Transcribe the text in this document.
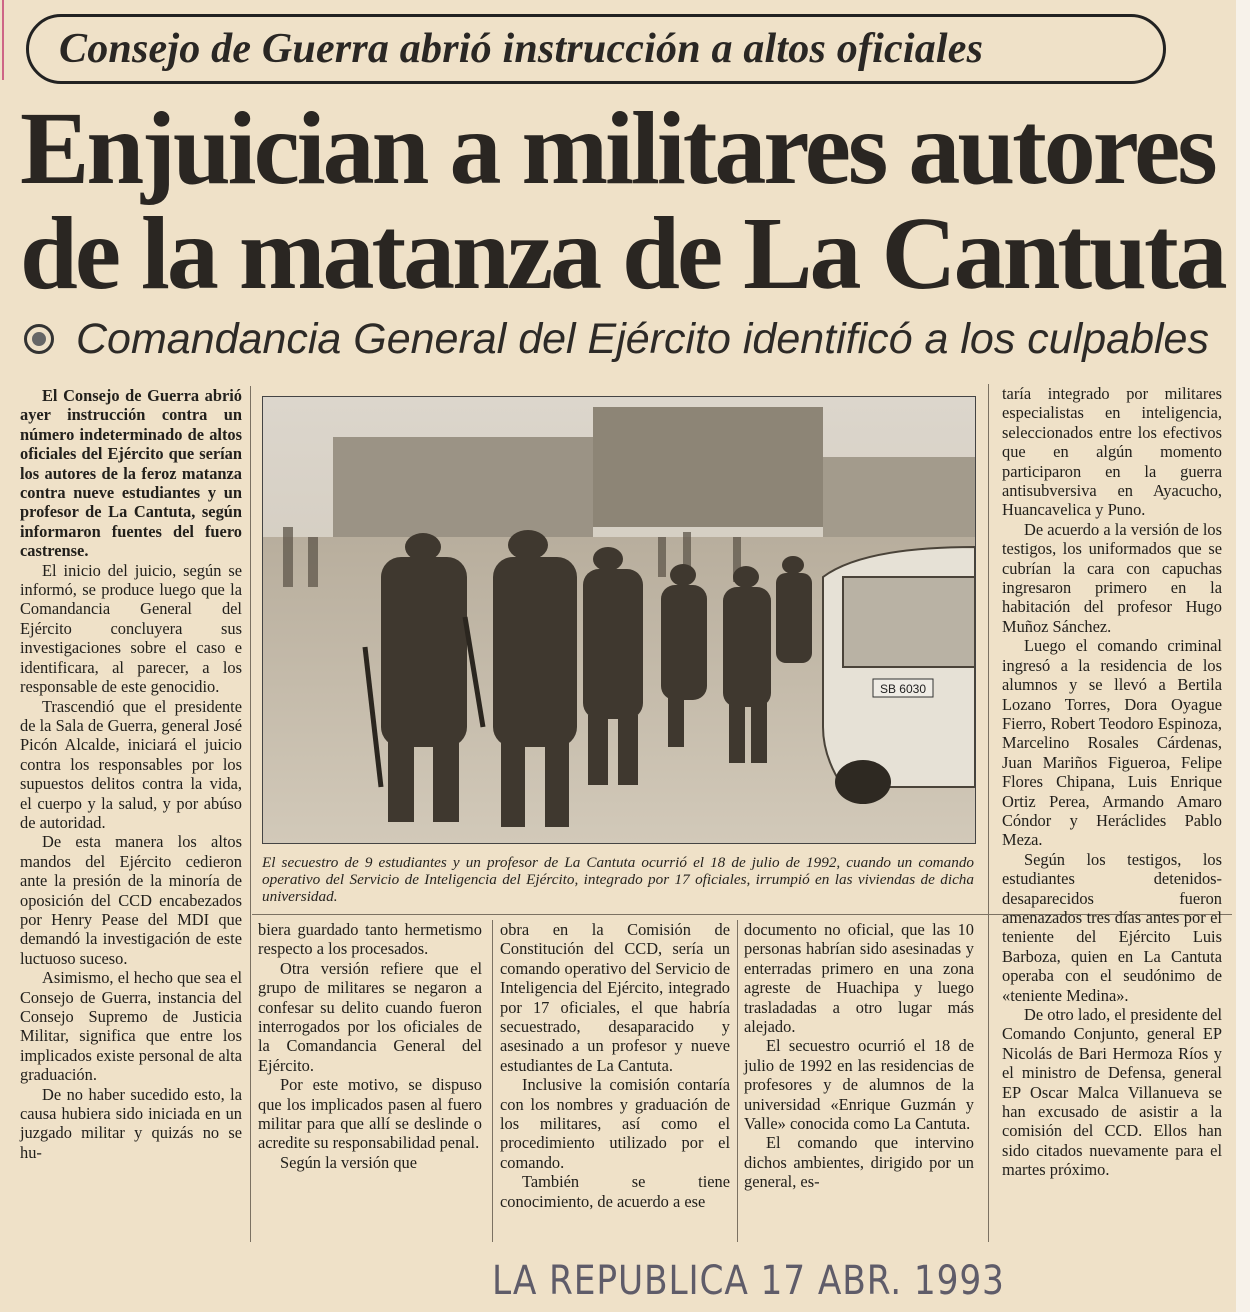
Consejo de Guerra abrió instrucción a altos oficiales
Enjuician a militares autores
de la matanza de La Cantuta
Comandancia General del Ejército identificó a los culpables

El Consejo de Guerra abrió ayer instrucción contra un número indeterminado de altos oficiales del Ejército que serían los autores de la feroz matanza contra nueve estudiantes y un profesor de La Cantuta, según informaron fuentes del fuero castrense.

El inicio del juicio, según se informó, se produce luego que la Comandancia General del Ejército concluyera sus investigaciones sobre el caso e identificara, al parecer, a los responsable de este genocidio.

Trascendió que el presidente de la Sala de Guerra, general José Picón Alcalde, iniciará el juicio contra los responsables por los supuestos delitos contra la vida, el cuerpo y la salud, y por abúso de autoridad.

De esta manera los altos mandos del Ejército cedieron ante la presión de la minoría de oposición del CCD encabezados por Henry Pease del MDI que demandó la investigación de este luctuoso suceso.

Asimismo, el hecho que sea el Consejo de Guerra, instancia del Consejo Supremo de Justicia Militar, significa que entre los implicados existe personal de alta graduación.

De no haber sucedido esto, la causa hubiera sido iniciada en un juzgado militar y quizás no se hu-

SB 6030
El secuestro de 9 estudiantes y un profesor de La Cantuta ocurrió el 18 de julio de 1992, cuando un comando operativo del Servicio de Inteligencia del Ejército, integrado por 17 oficiales, irrumpió en las viviendas de dicha universidad.

biera guardado tanto hermetismo respecto a los procesados.

Otra versión refiere que el grupo de militares se negaron a confesar su delito cuando fueron interrogados por los oficiales de la Comandancia General del Ejército.

Por este motivo, se dispuso que los implicados pasen al fuero militar para que allí se deslinde o acredite su responsabilidad penal.

Según la versión que

obra en la Comisión de Constitución del CCD, sería un comando operativo del Servicio de Inteligencia del Ejército, integrado por 17 oficiales, el que habría secuestrado, desaparacido y asesinado a un profesor y nueve estudiantes de La Cantuta.

Inclusive la comisión contaría con los nombres y graduación de los militares, así como el procedimiento utilizado por el comando.

También se tiene conocimiento, de acuerdo a ese

documento no oficial, que las 10 personas habrían sido asesinadas y enterradas primero en una zona agreste de Huachipa y luego trasladadas a otro lugar más alejado.

El secuestro ocurrió el 18 de julio de 1992 en las residencias de profesores y de alumnos de la universidad «Enrique Guzmán y Valle» conocida como La Cantuta.

El comando que intervino dichos ambientes, dirigido por un general, es-

taría integrado por militares especialistas en inteligencia, seleccionados entre los efectivos que en algún momento participaron en la guerra antisubversiva en Ayacucho, Huancavelica y Puno.

De acuerdo a la versión de los testigos, los uniformados que se cubrían la cara con capuchas ingresaron primero en la habitación del profesor Hugo Muñoz Sánchez.

Luego el comando criminal ingresó a la residencia de los alumnos y se llevó a Bertila Lozano Torres, Dora Oyague Fierro, Robert Teodoro Espinoza, Marcelino Rosales Cárdenas, Juan Mariños Figueroa, Felipe Flores Chipana, Luis Enrique Ortiz Perea, Armando Amaro Cóndor y Heráclides Pablo Meza.

Según los testigos, los estudiantes detenidos-desaparecidos fueron amenazados tres días antes por el teniente del Ejército Luis Barboza, quien en La Cantuta operaba con el seudónimo de «teniente Medina».

De otro lado, el presidente del Comando Conjunto, general EP Nicolás de Bari Hermoza Ríos y el ministro de Defensa, general EP Oscar Malca Villanueva se han excusado de asistir a la comisión del CCD. Ellos han sido citados nuevamente para el martes próximo.

LA REPUBLICA 17 ABR. 1993
